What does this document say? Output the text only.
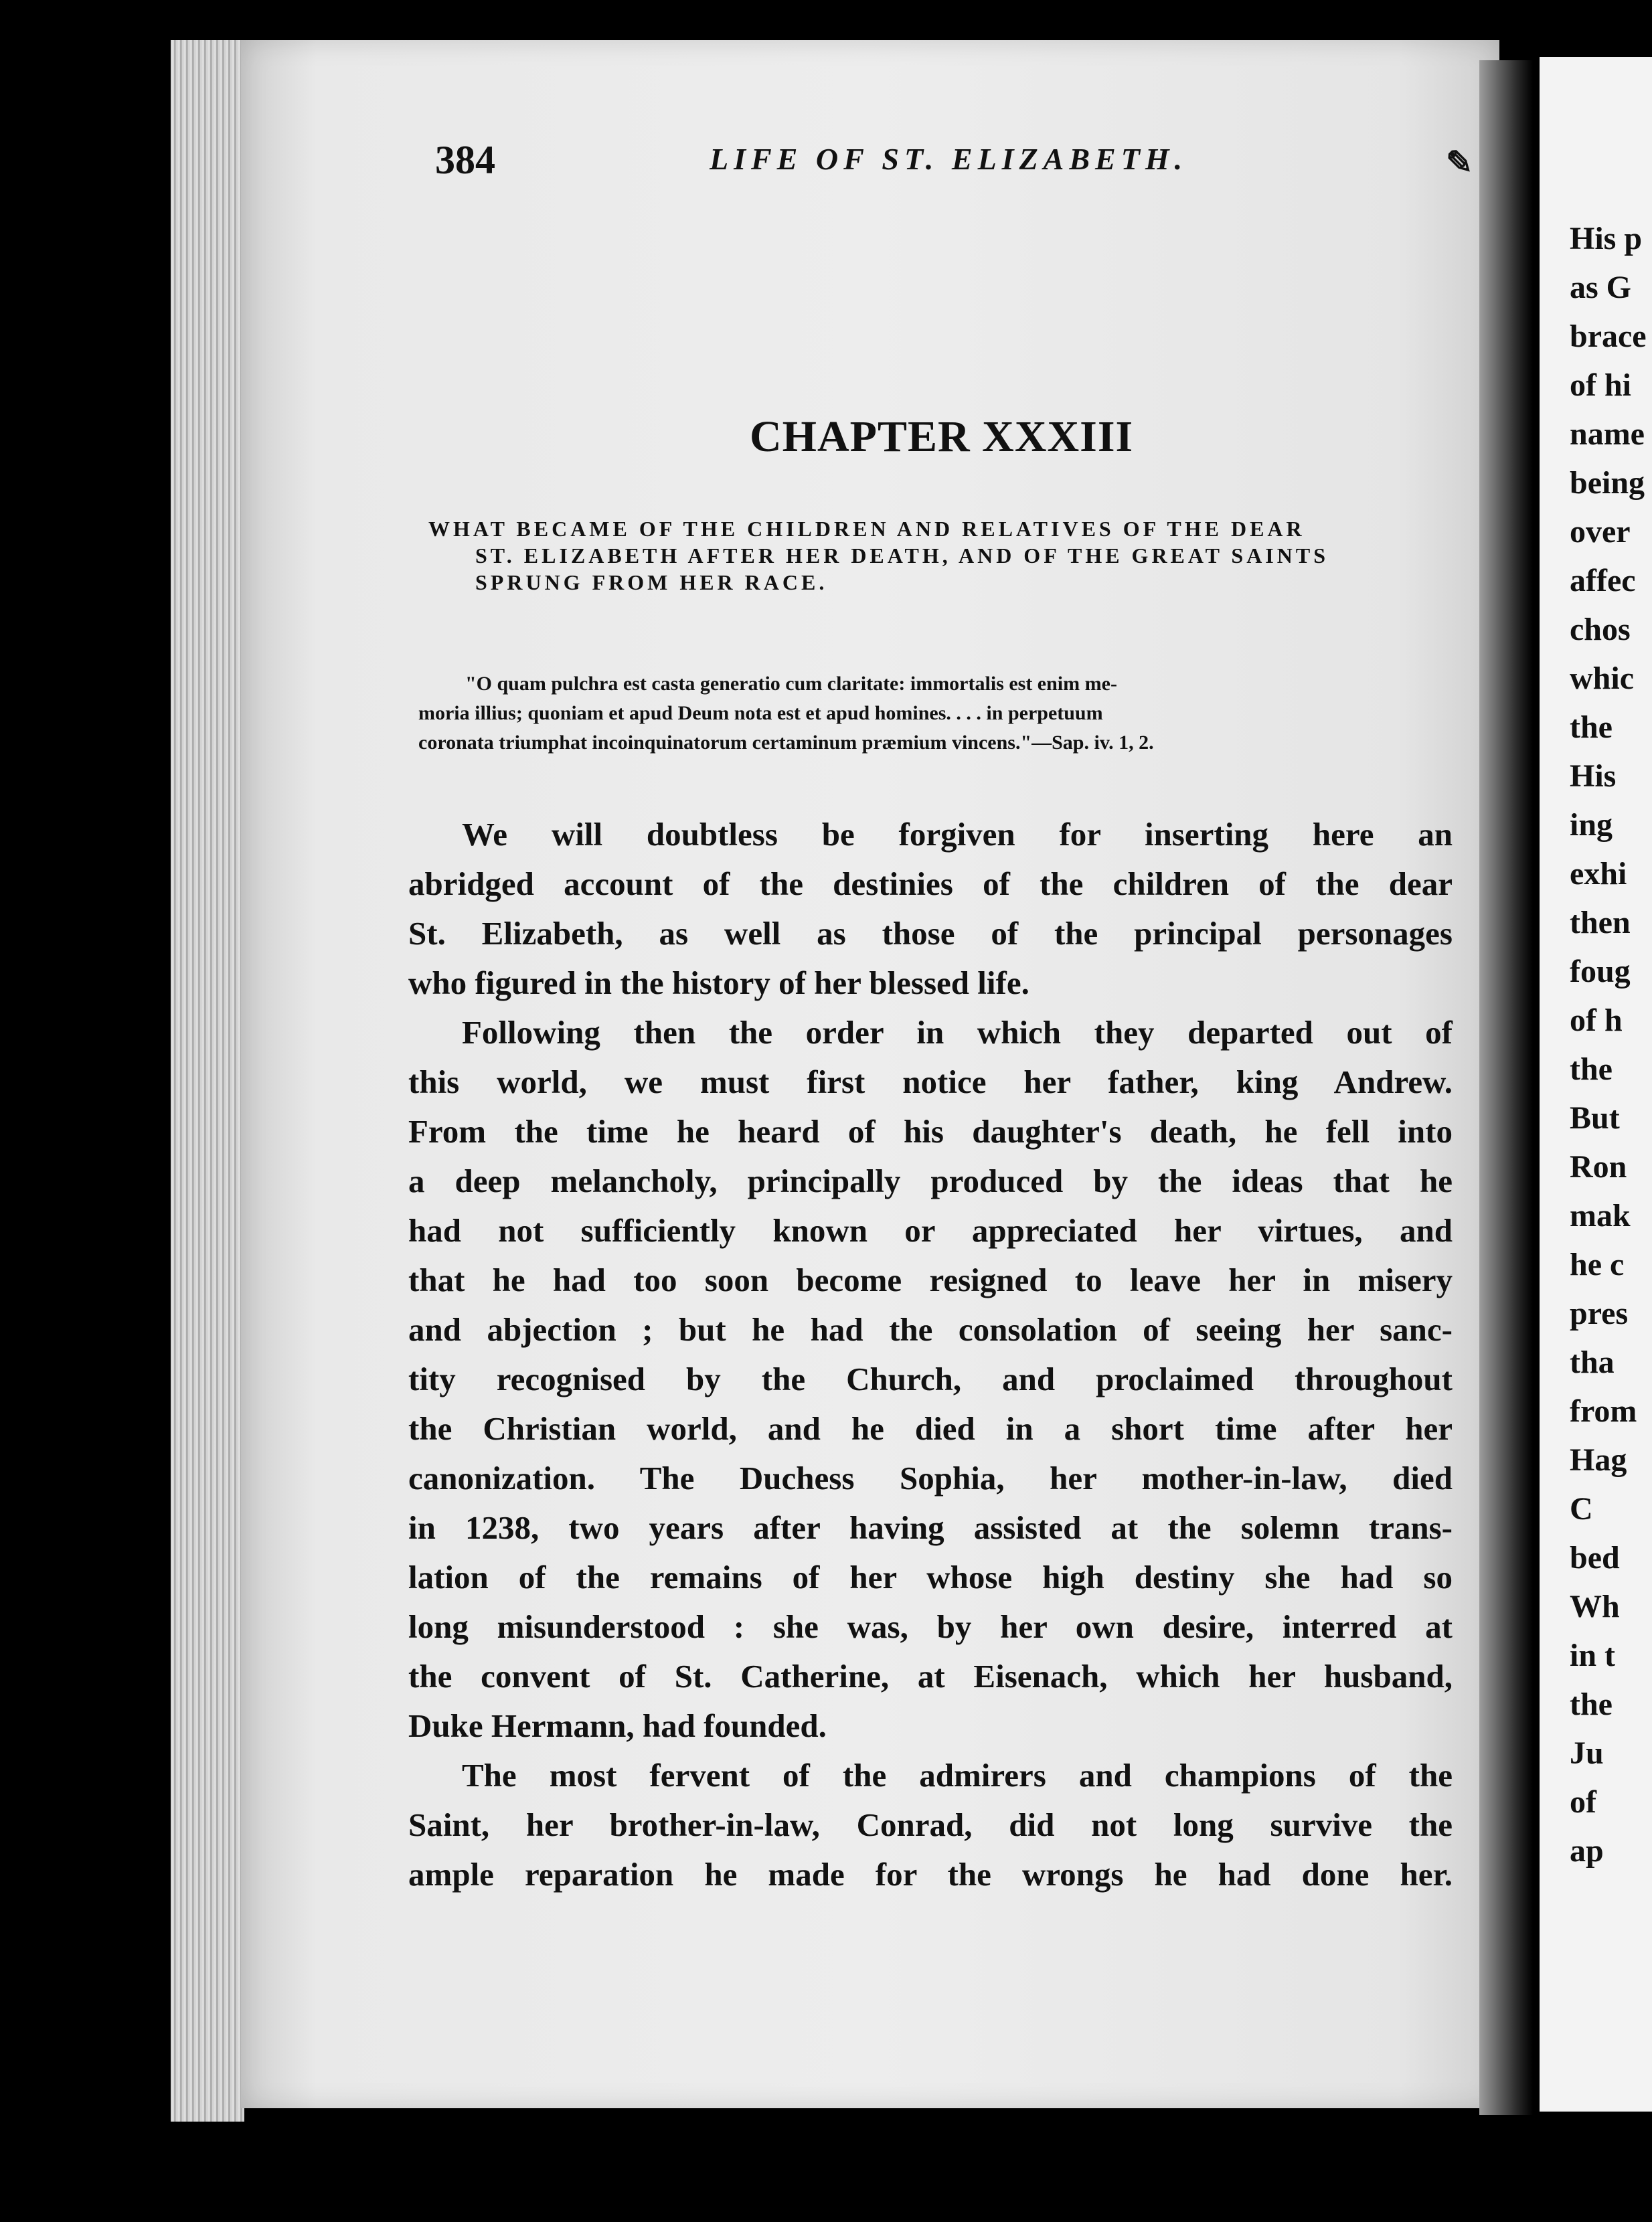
His p
as G
brace
of hi
name
being
over
affec
chos
whic
the
His
ing
exhi
then
foug
of h
the
But
Ron
mak
he c
pres
tha
from
Hag
C
bed
Wh
in t
the
Ju
of
ap
384	LIFE OF ST. ELIZABETH.	✎
CHAPTER XXXIII

WHAT BECAME OF THE CHILDREN AND RELATIVES OF THE DEAR
ST. ELIZABETH AFTER HER DEATH, AND OF THE GREAT SAINTS
SPRUNG FROM HER RACE.

"O quam pulchra est casta generatio cum claritate: immortalis est enim me-
moria illius; quoniam et apud Deum nota est et apud homines. . . . in perpetuum
coronata triumphat incoinquinatorum certaminum præmium vincens."—Sap. iv. 1, 2.

We will doubtless be forgiven for inserting here an
abridged account of the destinies of the children of the dear
St. Elizabeth, as well as those of the principal personages
who figured in the history of her blessed life.
Following then the order in which they departed out of
this world, we must first notice her father, king Andrew.
From the time he heard of his daughter's death, he fell into
a deep melancholy, principally produced by the ideas that he
had not sufficiently known or appreciated her virtues, and
that he had too soon become resigned to leave her in misery
and abjection ; but he had the consolation of seeing her sanc-
tity recognised by the Church, and proclaimed throughout
the Christian world, and he died in a short time after her
canonization. The Duchess Sophia, her mother-in-law, died
in 1238, two years after having assisted at the solemn trans-
lation of the remains of her whose high destiny she had so
long misunderstood : she was, by her own desire, interred at
the convent of St. Catherine, at Eisenach, which her husband,
Duke Hermann, had founded.
The most fervent of the admirers and champions of the
Saint, her brother-in-law, Conrad, did not long survive the
ample reparation he made for the wrongs he had done her.
